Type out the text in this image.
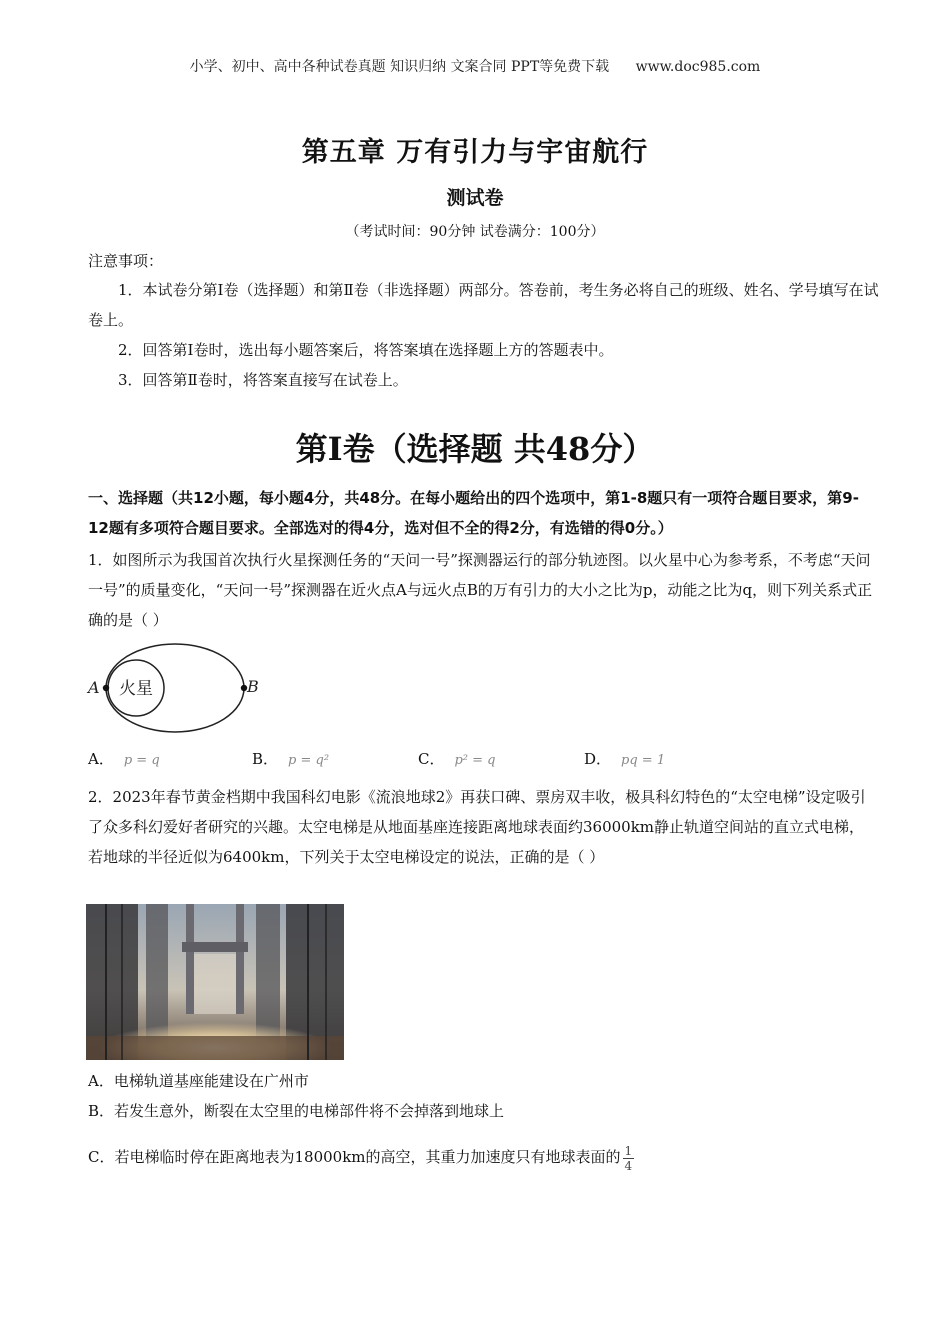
小学、初中、高中各种试卷真题 知识归纳 文案合同 PPT等免费下载 www.doc985.com
第五章 万有引力与宇宙航行
测试卷
（考试时间：90分钟 试卷满分：100分）
注意事项：
1．本试卷分第Ⅰ卷（选择题）和第Ⅱ卷（非选择题）两部分。答卷前，考生务必将自己的班级、姓名、学号填写在试卷上。
2．回答第Ⅰ卷时，选出每小题答案后，将答案填在选择题上方的答题表中。
3．回答第Ⅱ卷时，将答案直接写在试卷上。
第Ⅰ卷（选择题 共48分）
一、选择题（共12小题，每小题4分，共48分。在每小题给出的四个选项中，第1-8题只有一项符合题目要求，第9-12题有多项符合题目要求。全部选对的得4分，选对但不全的得2分，有选错的得0分。）
1．如图所示为我国首次执行火星探测任务的“天问一号”探测器运行的部分轨迹图。以火星中心为参考系，不考虑“天问一号”的质量变化，“天问一号”探测器在近火点A与远火点B的万有引力的大小之比为p，动能之比为q，则下列关系式正确的是（ ）
火星
A	B
A． p = q	B． p = q²	C． p² = q	D． pq = 1
2．2023年春节黄金档期中我国科幻电影《流浪地球2》再获口碑、票房双丰收，极具科幻特色的“太空电梯”设定吸引了众多科幻爱好者研究的兴趣。太空电梯是从地面基座连接距离地球表面约36000km静止轨道空间站的直立式电梯，若地球的半径近似为6400km，下列关于太空电梯设定的说法，正确的是（ ）
A．电梯轨道基座能建设在广州市
B．若发生意外，断裂在太空里的电梯部件将不会掉落到地球上
C．若电梯临时停在距离地表为18000km的高空，其重力加速度只有地球表面的 $\frac{1}{4}$
